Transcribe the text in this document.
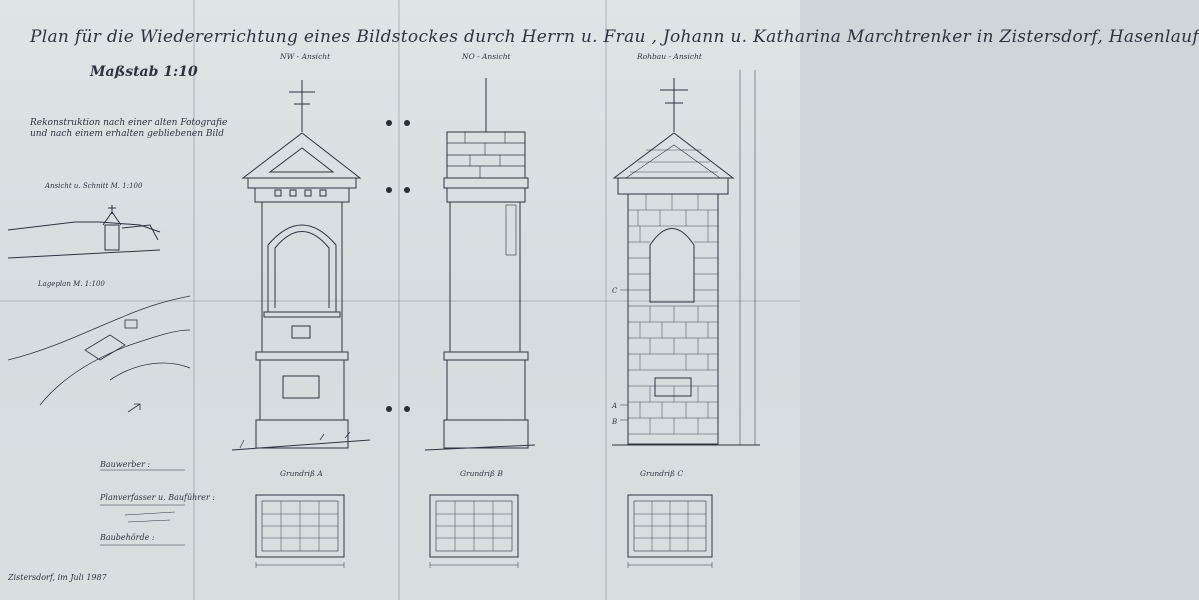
Plan für die Wiedererrichtung eines Bildstockes durch Herrn u. Frau , Johann u. Katharina Marchtrenker in Zistersdorf, Hasenlauf
Maßstab 1:10
Rekonstruktion nach einer alten Fotografie und nach einem erhalten gebliebenen Bild
Ansicht u. Schnitt M. 1:100
Lageplan M. 1:100
Bauwerber :
Planverfasser u. Bauführer :
Baubehörde :
Zistersdorf, im Juli 1987
NW - Ansicht	NO - Ansicht	Rohbau - Ansicht
Grundriß A	Grundriß B	Grundriß C
C
A
B
